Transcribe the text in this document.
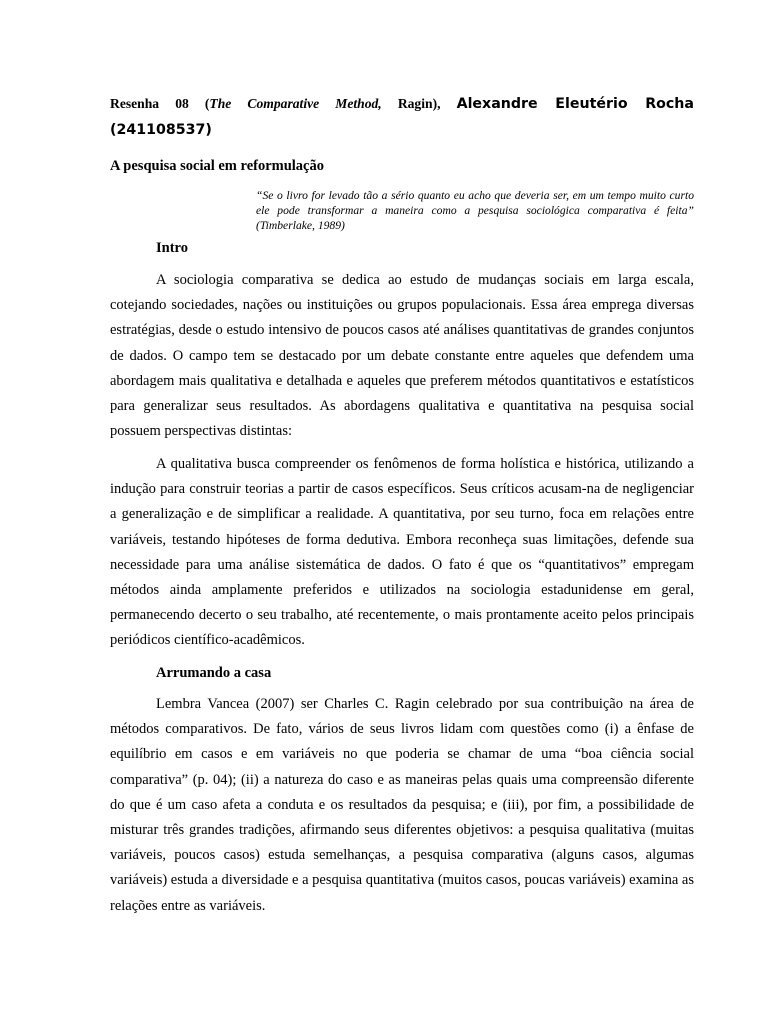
Resenha 08 (The Comparative Method, Ragin), Alexandre Eleutério Rocha (241108537)

A pesquisa social em reformulação

“Se o livro for levado tão a sério quanto eu acho que deveria ser, em um tempo muito curto ele pode transformar a maneira como a pesquisa sociológica comparativa é feita” (Timberlake, 1989)

Intro

A sociologia comparativa se dedica ao estudo de mudanças sociais em larga escala, cotejando sociedades, nações ou instituições ou grupos populacionais. Essa área emprega diversas estratégias, desde o estudo intensivo de poucos casos até análises quantitativas de grandes conjuntos de dados. O campo tem se destacado por um debate constante entre aqueles que defendem uma abordagem mais qualitativa e detalhada e aqueles que preferem métodos quantitativos e estatísticos para generalizar seus resultados. As abordagens qualitativa e quantitativa na pesquisa social possuem perspectivas distintas:

A qualitativa busca compreender os fenômenos de forma holística e histórica, utilizando a indução para construir teorias a partir de casos específicos. Seus críticos acusam-na de negligenciar a generalização e de simplificar a realidade. A quantitativa, por seu turno, foca em relações entre variáveis, testando hipóteses de forma dedutiva. Embora reconheça suas limitações, defende sua necessidade para uma análise sistemática de dados. O fato é que os “quantitativos” empregam métodos ainda amplamente preferidos e utilizados na sociologia estadunidense em geral, permanecendo decerto o seu trabalho, até recentemente, o mais prontamente aceito pelos principais periódicos científico-acadêmicos.

Arrumando a casa

Lembra Vancea (2007) ser Charles C. Ragin celebrado por sua contribuição na área de métodos comparativos. De fato, vários de seus livros lidam com questões como (i) a ênfase de equilíbrio em casos e em variáveis no que poderia se chamar de uma “boa ciência social comparativa” (p. 04); (ii) a natureza do caso e as maneiras pelas quais uma compreensão diferente do que é um caso afeta a conduta e os resultados da pesquisa; e (iii), por fim, a possibilidade de misturar três grandes tradições, afirmando seus diferentes objetivos: a pesquisa qualitativa (muitas variáveis, poucos casos) estuda semelhanças, a pesquisa comparativa (alguns casos, algumas variáveis) estuda a diversidade e a pesquisa quantitativa (muitos casos, poucas variáveis) examina as relações entre as variáveis.
